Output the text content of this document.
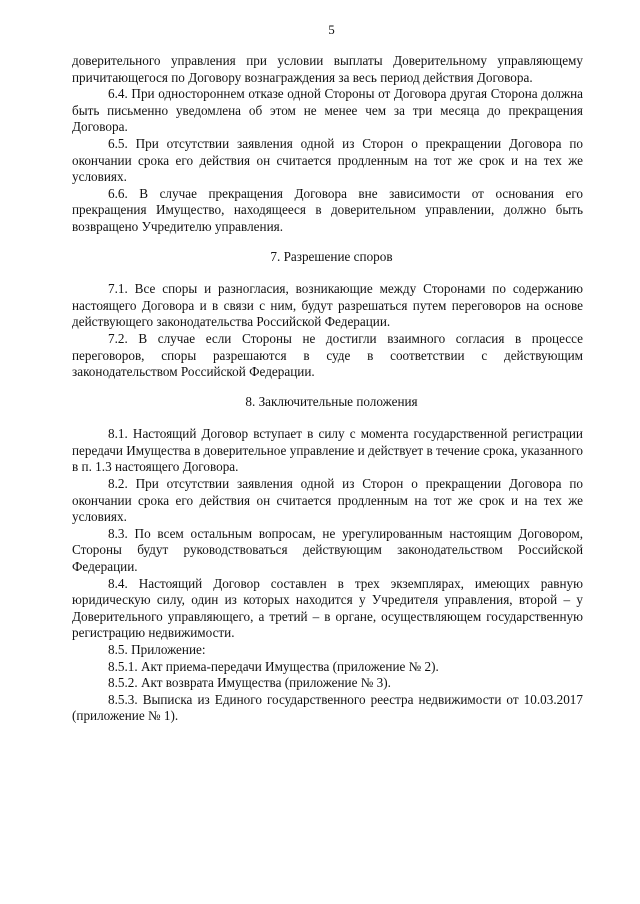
5

доверительного управления при условии выплаты Доверительному управляющему причитающегося по Договору вознаграждения за весь период действия Договора.

6.4. При одностороннем отказе одной Стороны от Договора другая Сторона должна быть письменно уведомлена об этом не менее чем за три месяца до прекращения Договора.

6.5. При отсутствии заявления одной из Сторон о прекращении Договора по окончании срока его действия он считается продленным на тот же срок и на тех же условиях.

6.6. В случае прекращения Договора вне зависимости от основания его прекращения Имущество, находящееся в доверительном управлении, должно быть возвращено Учредителю управления.

7. Разрешение споров

7.1. Все споры и разногласия, возникающие между Сторонами по содержанию настоящего Договора и в связи с ним, будут разрешаться путем переговоров на основе действующего законодательства Российской Федерации.

7.2. В случае если Стороны не достигли взаимного согласия в процессе переговоров, споры разрешаются в суде в соответствии с действующим законодательством Российской Федерации.

8. Заключительные положения

8.1. Настоящий Договор вступает в силу с момента государственной регистрации передачи Имущества в доверительное управление и действует в течение срока, указанного в п. 1.3 настоящего Договора.

8.2. При отсутствии заявления одной из Сторон о прекращении Договора по окончании срока его действия он считается продленным на тот же срок и на тех же условиях.

8.3. По всем остальным вопросам, не урегулированным настоящим Договором, Стороны будут руководствоваться действующим законодательством Российской Федерации.

8.4. Настоящий Договор составлен в трех экземплярах, имеющих равную юридическую силу, один из которых находится у Учредителя управления, второй – у Доверительного управляющего, а третий – в органе, осуществляющем государственную регистрацию недвижимости.

8.5. Приложение:

8.5.1. Акт приема-передачи Имущества (приложение № 2).

8.5.2. Акт возврата Имущества (приложение № 3).

8.5.3. Выписка из Единого государственного реестра недвижимости от 10.03.2017 (приложение № 1).
